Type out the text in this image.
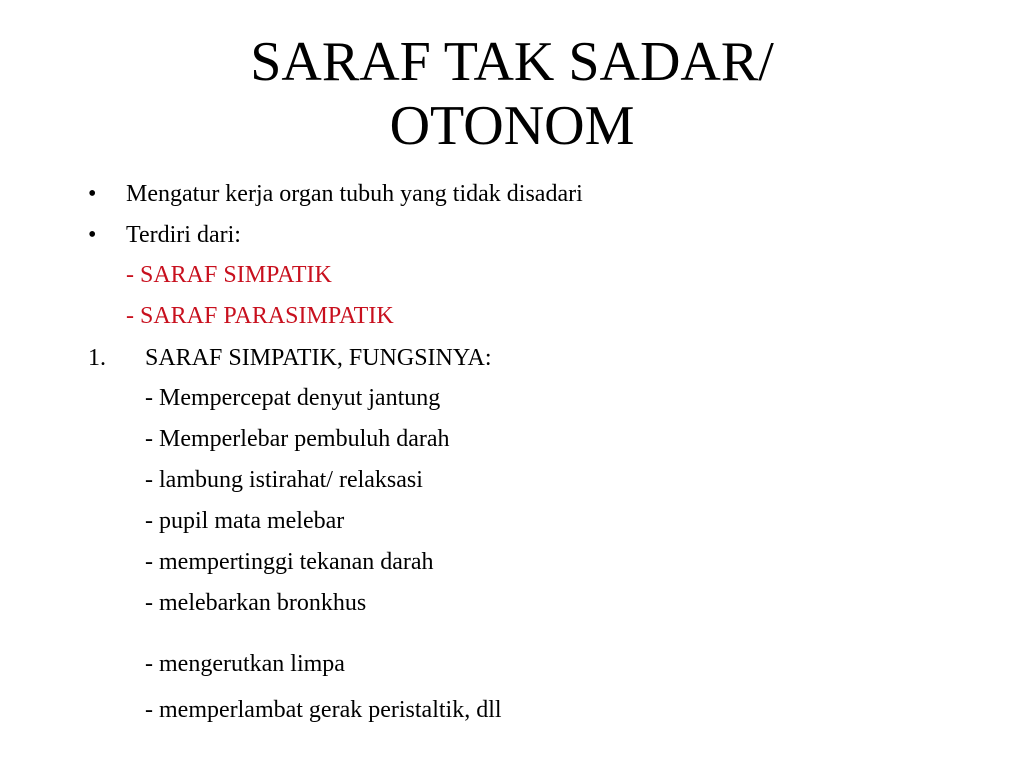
SARAF TAK SADAR/
OTONOM
• Mengatur kerja organ tubuh yang tidak disadari
• Terdiri dari:
- SARAF SIMPATIK
- SARAF PARASIMPATIK
1. SARAF SIMPATIK, FUNGSINYA:
- Mempercepat denyut jantung
- Memperlebar pembuluh darah
- lambung istirahat/ relaksasi
- pupil mata melebar
- mempertinggi tekanan darah
- melebarkan bronkhus
- mengerutkan limpa
- memperlambat gerak peristaltik, dll
